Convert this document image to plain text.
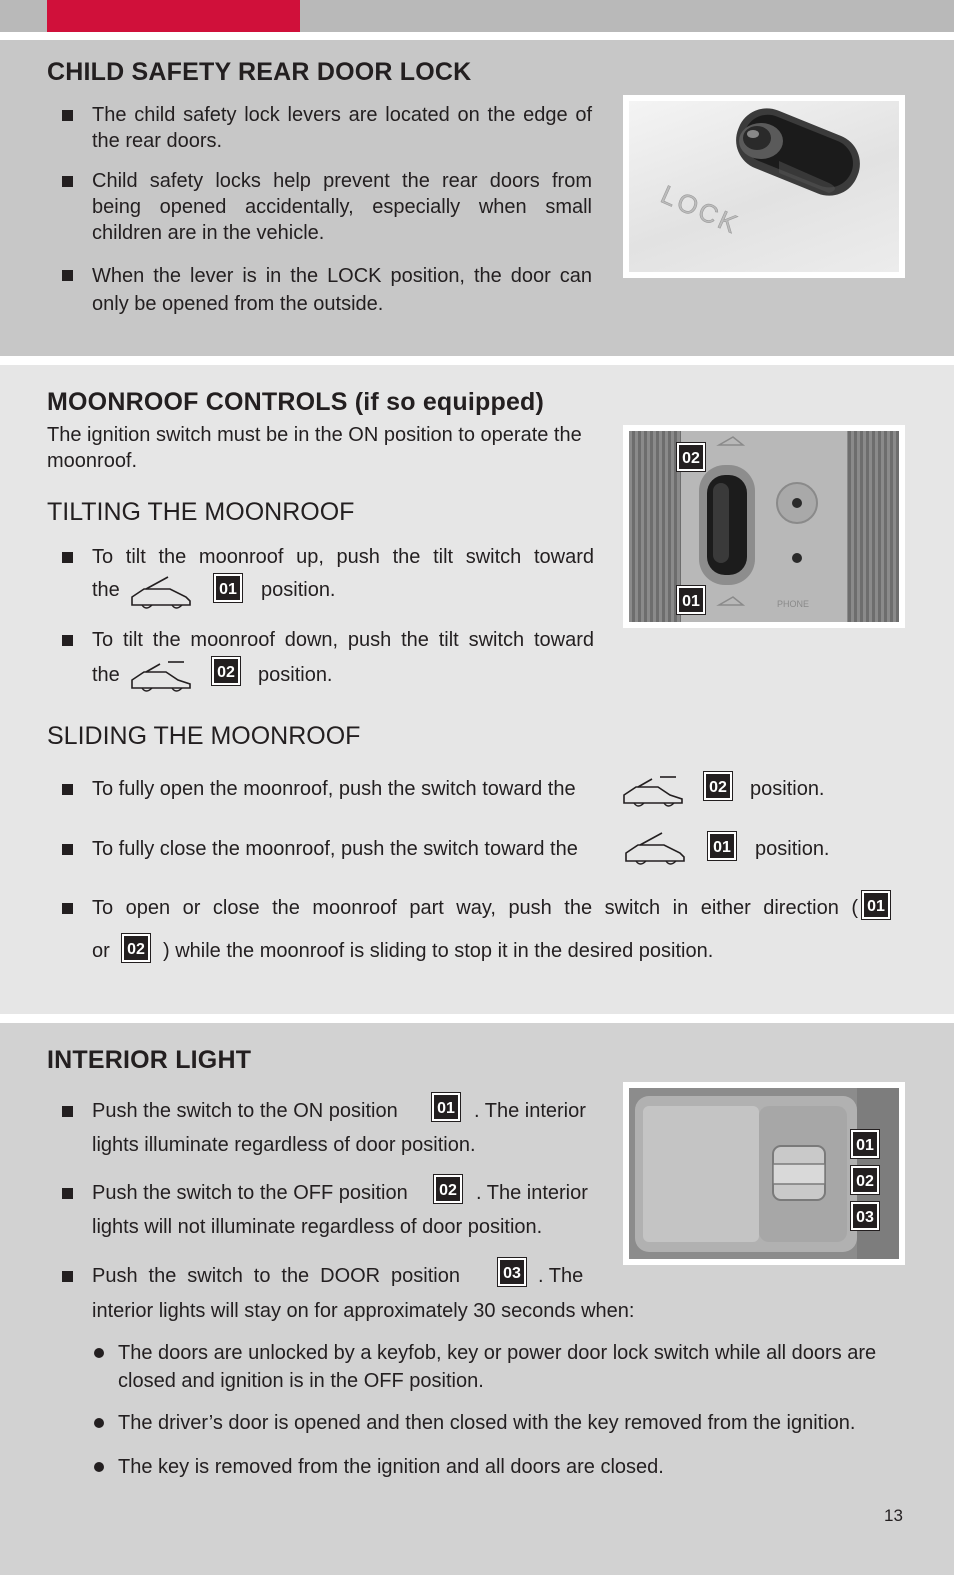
CHILD SAFETY REAR DOOR LOCK
The child safety lock levers are located on the edge of the rear doors.
Child safety locks help prevent the rear doors from being opened accidentally, especially when small children are in the vehicle.
When the lever is in the LOCK position, the door can only be opened from the outside.
LOCK
MOONROOF CONTROLS (if so equipped)

The ignition switch must be in the ON position to operate the moonroof.

TILTING THE MOONROOF
To tilt the moonroof up, push the tilt switch toward
the	01 position.
To tilt the moonroof down, push the tilt switch toward
the	02 position.
SLIDING THE MOONROOF
To fully open the moonroof, push the switch toward the	02 position.
To fully close the moonroof, push the switch toward the	01 position.
To open or close the moonroof part way, push the switch in either direction ( 01
or	02 ) while the moonroof is sliding to stop it in the desired position.
PHONE
02
01
INTERIOR LIGHT
Push the switch to the ON position	01 . The interior
lights illuminate regardless of door position.
Push the switch to the OFF position	02 . The interior
lights will not illuminate regardless of door position.
Push the switch to the DOOR position	03 . The
interior lights will stay on for approximately 30 seconds when:
The doors are unlocked by a keyfob, key or power door lock switch while all doors are closed and ignition is in the OFF position.
The driver’s door is opened and then closed with the key removed from the ignition.
The key is removed from the ignition and all doors are closed.
01
02
03
13
